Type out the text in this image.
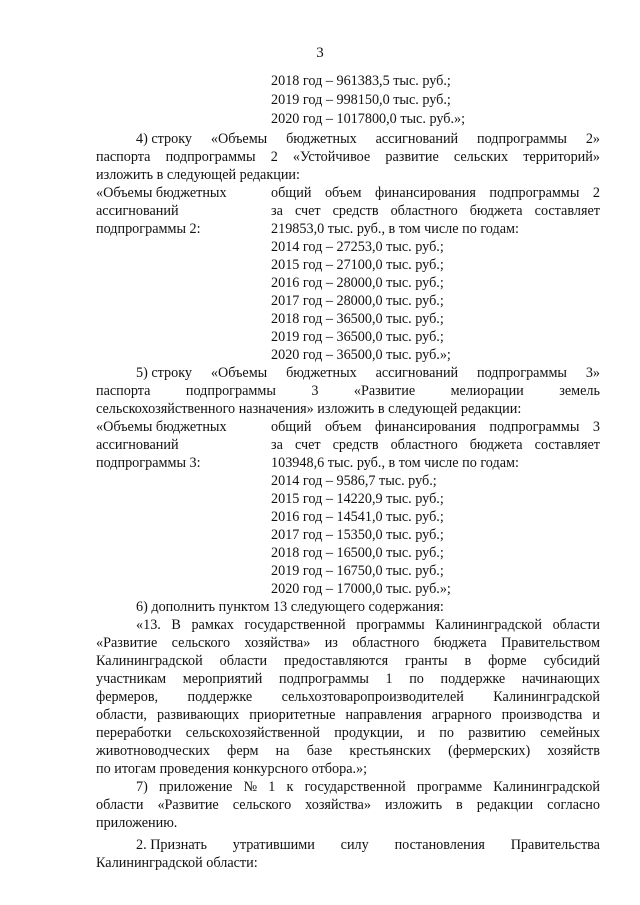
3
2018 год – 961383,5 тыс. руб.;
2019 год – 998150,0 тыс. руб.;
2020 год – 1017800,0 тыс. руб.»;
4) строку «Объемы бюджетных ассигнований подпрограммы 2»
паспорта подпрограммы 2 «Устойчивое развитие сельских территорий»
изложить в следующей редакции:
«Объемы бюджетных
ассигнований
подпрограммы 2:
общий объем финансирования подпрограммы 2
за счет средств областного бюджета составляет
219853,0 тыс. руб., в том числе по годам:
2014 год – 27253,0 тыс. руб.;
2015 год – 27100,0 тыс. руб.;
2016 год – 28000,0 тыс. руб.;
2017 год – 28000,0 тыс. руб.;
2018 год – 36500,0 тыс. руб.;
2019 год – 36500,0 тыс. руб.;
2020 год – 36500,0 тыс. руб.»;
5) строку «Объемы бюджетных ассигнований подпрограммы 3»
паспорта подпрограммы 3 «Развитие мелиорации земель
сельскохозяйственного назначения» изложить в следующей редакции:
«Объемы бюджетных
ассигнований
подпрограммы 3:
общий объем финансирования подпрограммы 3
за счет средств областного бюджета составляет
103948,6 тыс. руб., в том числе по годам:
2014 год – 9586,7 тыс. руб.;
2015 год – 14220,9 тыс. руб.;
2016 год – 14541,0 тыс. руб.;
2017 год – 15350,0 тыс. руб.;
2018 год – 16500,0 тыс. руб.;
2019 год – 16750,0 тыс. руб.;
2020 год – 17000,0 тыс. руб.»;
6) дополнить пунктом 13 следующего содержания:
«13. В рамках государственной программы Калининградской области
«Развитие сельского хозяйства» из областного бюджета Правительством
Калининградской области предоставляются гранты в форме субсидий
участникам мероприятий подпрограммы 1 по поддержке начинающих
фермеров, поддержке сельхозтоваропроизводителей Калининградской
области, развивающих приоритетные направления аграрного производства и
переработки сельскохозяйственной продукции, и по развитию семейных
животноводческих ферм на базе крестьянских (фермерских) хозяйств
по итогам проведения конкурсного отбора.»;
7) приложение № 1 к государственной программе Калининградской
области «Развитие сельского хозяйства» изложить в редакции согласно
приложению.
2. Признать утратившими силу постановления Правительства
Калининградской области:
